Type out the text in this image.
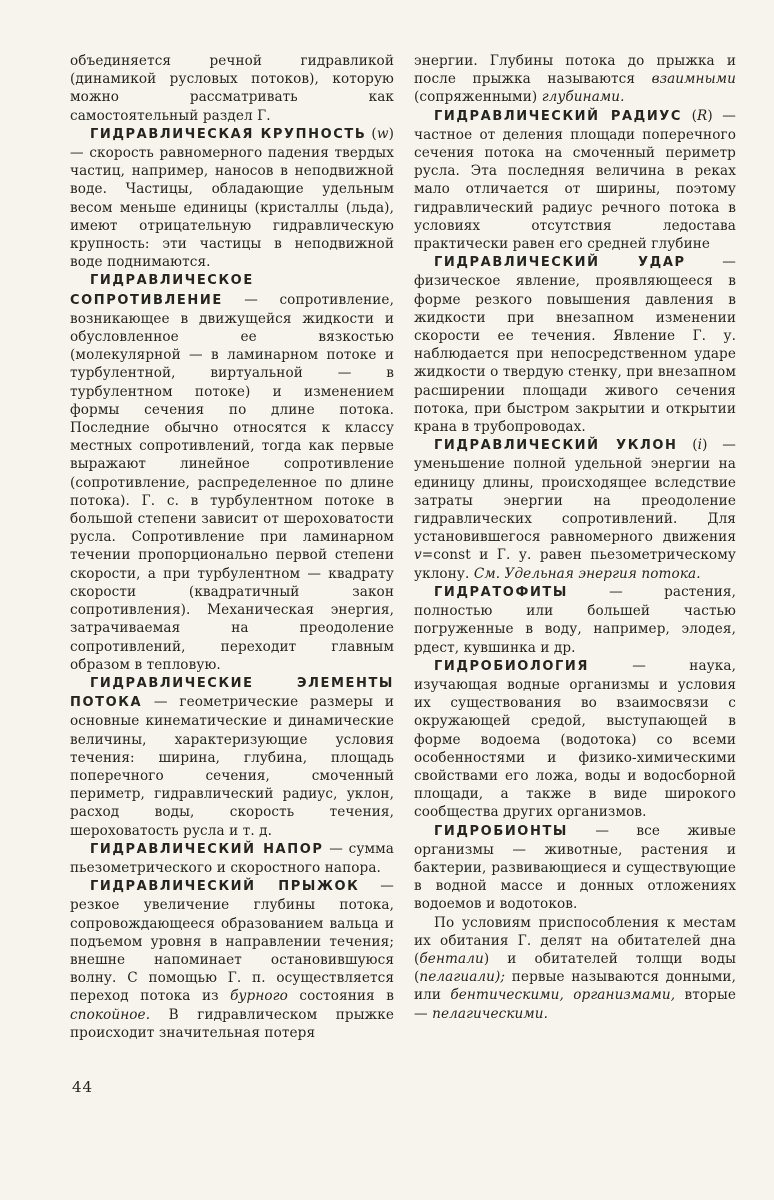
объединяется речной гидравликой (динамикой русловых потоков), которую можно рассматривать как самостоятельный раздел Г.

ГИДРАВЛИЧЕСКАЯ КРУПНОСТЬ (w) — скорость равномерного падения твердых частиц, например, наносов в неподвижной воде. Частицы, обладающие удельным весом меньше единицы (кристаллы (льда), имеют отрицательную гидравлическую крупность: эти частицы в неподвижной воде поднимаются.

ГИДРАВЛИЧЕСКОЕ СОПРОТИВЛЕНИЕ — сопротивление, возникающее в движущейся жидкости и обусловленное ее вязкостью (молекулярной — в ламинарном потоке и турбулентной, виртуальной — в турбулентном потоке) и изменением формы сечения по длине потока. Последние обычно относятся к классу местных сопротивлений, тогда как первые выражают линейное сопротивление (сопротивление, распределенное по длине потока). Г. с. в турбулентном потоке в большой степени зависит от шероховатости русла. Сопротивление при ламинарном течении пропорционально первой степени скорости, а при турбулентном — квадрату скорости (квадратичный закон сопротивления). Механическая энергия, затрачиваемая на преодоление сопротивлений, переходит главным образом в тепловую.

ГИДРАВЛИЧЕСКИЕ ЭЛЕМЕНТЫ ПОТОКА — геометрические размеры и основные кинематические и динамические величины, характеризующие условия течения: ширина, глубина, площадь поперечного сечения, смоченный периметр, гидравлический радиус, уклон, расход воды, скорость течения, шероховатость русла и т. д.

ГИДРАВЛИЧЕСКИЙ НАПОР — сумма пьезометрического и скоростного напора.

ГИДРАВЛИЧЕСКИЙ ПРЫЖОК — резкое увеличение глубины потока, сопровождающееся образованием вальца и подъемом уровня в направлении течения; внешне напоминает остановившуюся волну. С помощью Г. п. осуществляется переход потока из бурного состояния в спокойное. В гидравлическом прыжке происходит значительная потеря

энергии. Глубины потока до прыжка и после прыжка называются взаимными (сопряженными) глубинами.

ГИДРАВЛИЧЕСКИЙ РАДИУС (R) — частное от деления площади поперечного сечения потока на смоченный периметр русла. Эта последняя величина в реках мало отличается от ширины, поэтому гидравлический радиус речного потока в условиях отсутствия ледостава практически равен его средней глубине

ГИДРАВЛИЧЕСКИЙ УДАР — физическое явление, проявляющееся в форме резкого повышения давления в жидкости при внезапном изменении скорости ее течения. Явление Г. у. наблюдается при непосредственном ударе жидкости о твердую стенку, при внезапном расширении площади живого сечения потока, при быстром закрытии и открытии крана в трубопроводах.

ГИДРАВЛИЧЕСКИЙ УКЛОН (i) — уменьшение полной удельной энергии на единицу длины, происходящее вследствие затраты энергии на преодоление гидравлических сопротивлений. Для установившегося равномерного движения v=const и Г. у. равен пьезометрическому уклону. См. Удельная энергия потока.

ГИДРАТОФИТЫ — растения, полностью или большей частью погруженные в воду, например, элодея, рдест, кувшинка и др.

ГИДРОБИОЛОГИЯ — наука, изучающая водные организмы и условия их существования во взаимосвязи с окружающей средой, выступающей в форме водоема (водотока) со всеми особенностями и физико-химическими свойствами его ложа, воды и водосборной площади, а также в виде широкого сообщества других организмов.

ГИДРОБИОНТЫ — все живые организмы — животные, растения и бактерии, развивающиеся и существующие в водной массе и донных отложениях водоемов и водотоков.

По условиям приспособления к местам их обитания Г. делят на обитателей дна (бентали) и обитателей толщи воды (пелагиали); первые называются донными, или бентическими, организмами, вторые — пелагическими.

44
